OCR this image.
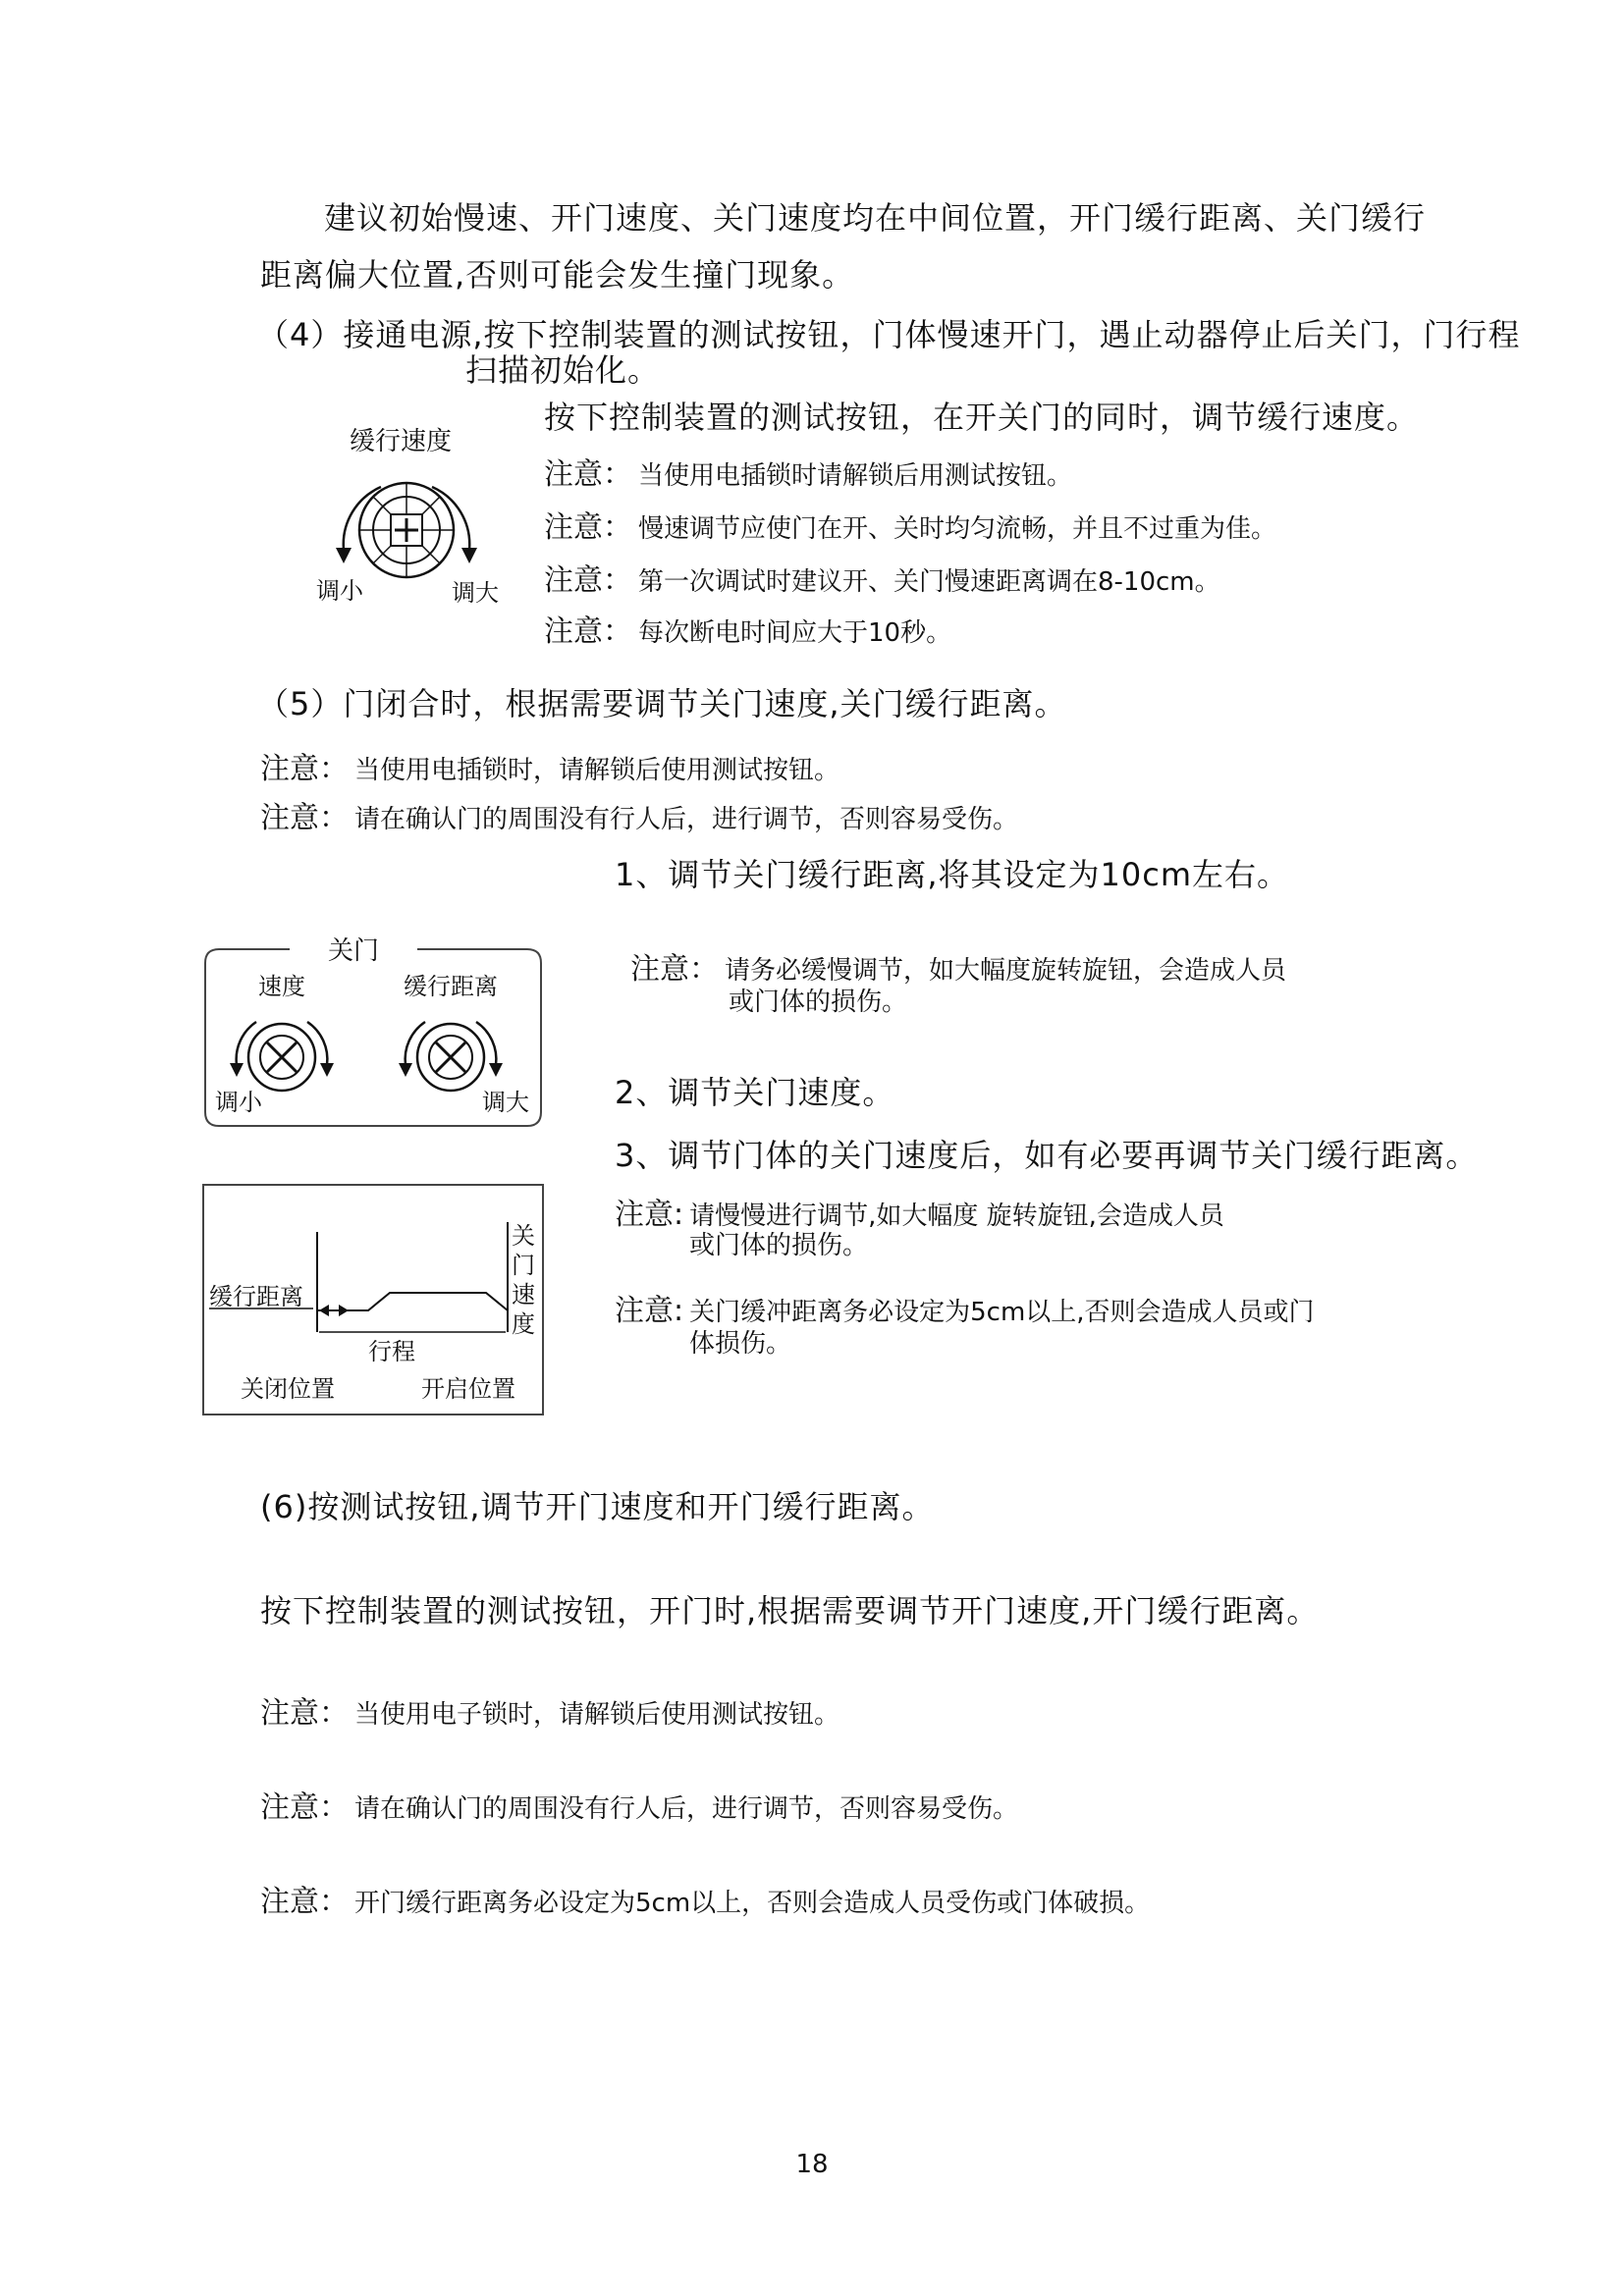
建议初始慢速、开门速度、关门速度均在中间位置，开门缓行距离、关门缓行
距离偏大位置,否则可能会发生撞门现象。
（4）接通电源,按下控制装置的测试按钮，门体慢速开门，遇止动器停止后关门，门行程
扫描初始化。
按下控制装置的测试按钮，在开关门的同时，调节缓行速度。
注意： 当使用电插锁时请解锁后用测试按钮。
注意： 慢速调节应使门在开、关时均匀流畅，并且不过重为佳。
注意： 第一次调试时建议开、关门慢速距离调在8-10cm。
注意： 每次断电时间应大于10秒。
缓行速度
调小	调大
（5）门闭合时，根据需要调节关门速度,关门缓行距离。
注意： 当使用电插锁时，请解锁后使用测试按钮。
注意： 请在确认门的周围没有行人后，进行调节，否则容易受伤。
1、调节关门缓行距离,将其设定为10cm左右。
注意： 请务必缓慢调节，如大幅度旋转旋钮，会造成人员
或门体的损伤。
2、调节关门速度。
3、调节门体的关门速度后，如有必要再调节关门缓行距离。
注意: 请慢慢进行调节,如大幅度 旋转旋钮,会造成人员
或门体的损伤。
注意: 关门缓冲距离务必设定为5cm以上,否则会造成人员或门
体损伤。
关门
速度	缓行距离
调小	调大
缓行距离
行程
关闭位置	开启位置
关
门
速
度
(6)按测试按钮,调节开门速度和开门缓行距离。
按下控制装置的测试按钮，开门时,根据需要调节开门速度,开门缓行距离。
注意： 当使用电子锁时，请解锁后使用测试按钮。
注意： 请在确认门的周围没有行人后，进行调节，否则容易受伤。
注意： 开门缓行距离务必设定为5cm以上，否则会造成人员受伤或门体破损。
18
